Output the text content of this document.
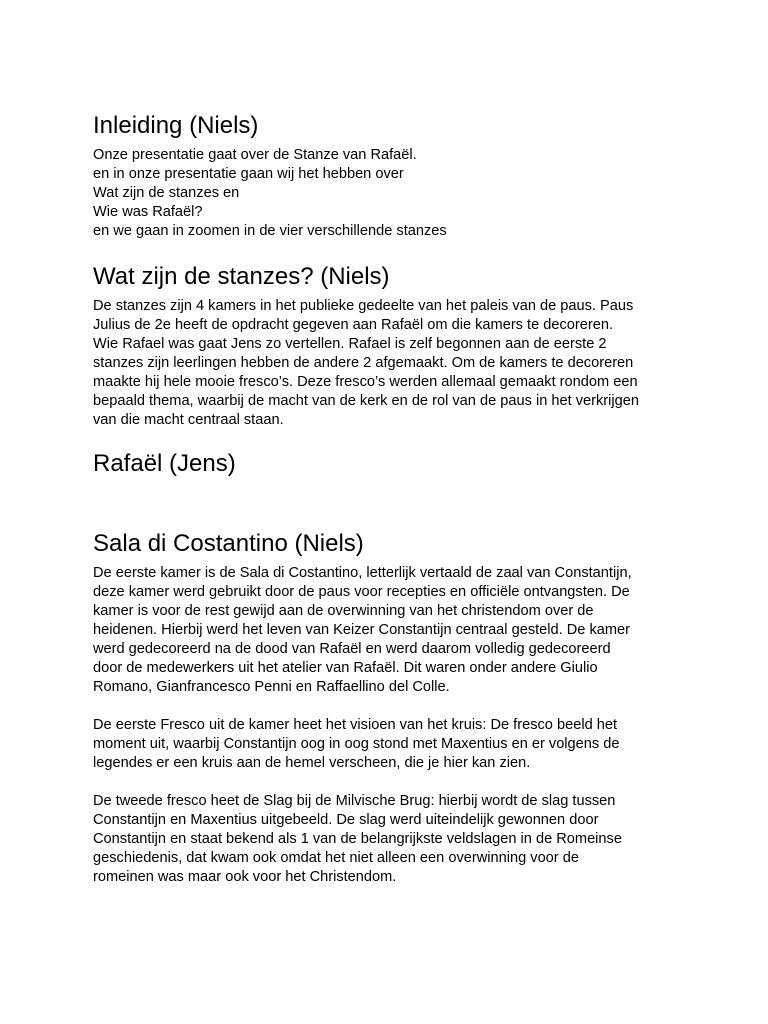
Inleiding (Niels)
Onze presentatie gaat over de Stanze van Rafaël.
en in onze presentatie gaan wij het hebben over
Wat zijn de stanzes en
Wie was Rafaël?
en we gaan in zoomen in de vier verschillende stanzes
Wat zijn de stanzes? (Niels)
De stanzes zijn 4 kamers in het publieke gedeelte van het paleis van de paus. Paus
Julius de 2e heeft de opdracht gegeven aan Rafaël om die kamers te decoreren.
Wie Rafael was gaat Jens zo vertellen. Rafael is zelf begonnen aan de eerste 2
stanzes zijn leerlingen hebben de andere 2 afgemaakt. Om de kamers te decoreren
maakte hij hele mooie fresco’s. Deze fresco’s werden allemaal gemaakt rondom een
bepaald thema, waarbij de macht van de kerk en de rol van de paus in het verkrijgen
van die macht centraal staan.
Rafaël (Jens)
Sala di Costantino (Niels)
De eerste kamer is de Sala di Costantino, letterlijk vertaald de zaal van Constantijn,
deze kamer werd gebruikt door de paus voor recepties en officiële ontvangsten. De
kamer is voor de rest gewijd aan de overwinning van het christendom over de
heidenen. Hierbij werd het leven van Keizer Constantijn centraal gesteld. De kamer
werd gedecoreerd na de dood van Rafaël en werd daarom volledig gedecoreerd
door de medewerkers uit het atelier van Rafaël. Dit waren onder andere Giulio
Romano, Gianfrancesco Penni en Raffaellino del Colle.
De eerste Fresco uit de kamer heet het visioen van het kruis: De fresco beeld het
moment uit, waarbij Constantijn oog in oog stond met Maxentius en er volgens de
legendes er een kruis aan de hemel verscheen, die je hier kan zien.
De tweede fresco heet de Slag bij de Milvische Brug: hierbij wordt de slag tussen
Constantijn en Maxentius uitgebeeld. De slag werd uiteindelijk gewonnen door
Constantijn en staat bekend als 1 van de belangrijkste veldslagen in de Romeinse
geschiedenis, dat kwam ook omdat het niet alleen een overwinning voor de
romeinen was maar ook voor het Christendom.
